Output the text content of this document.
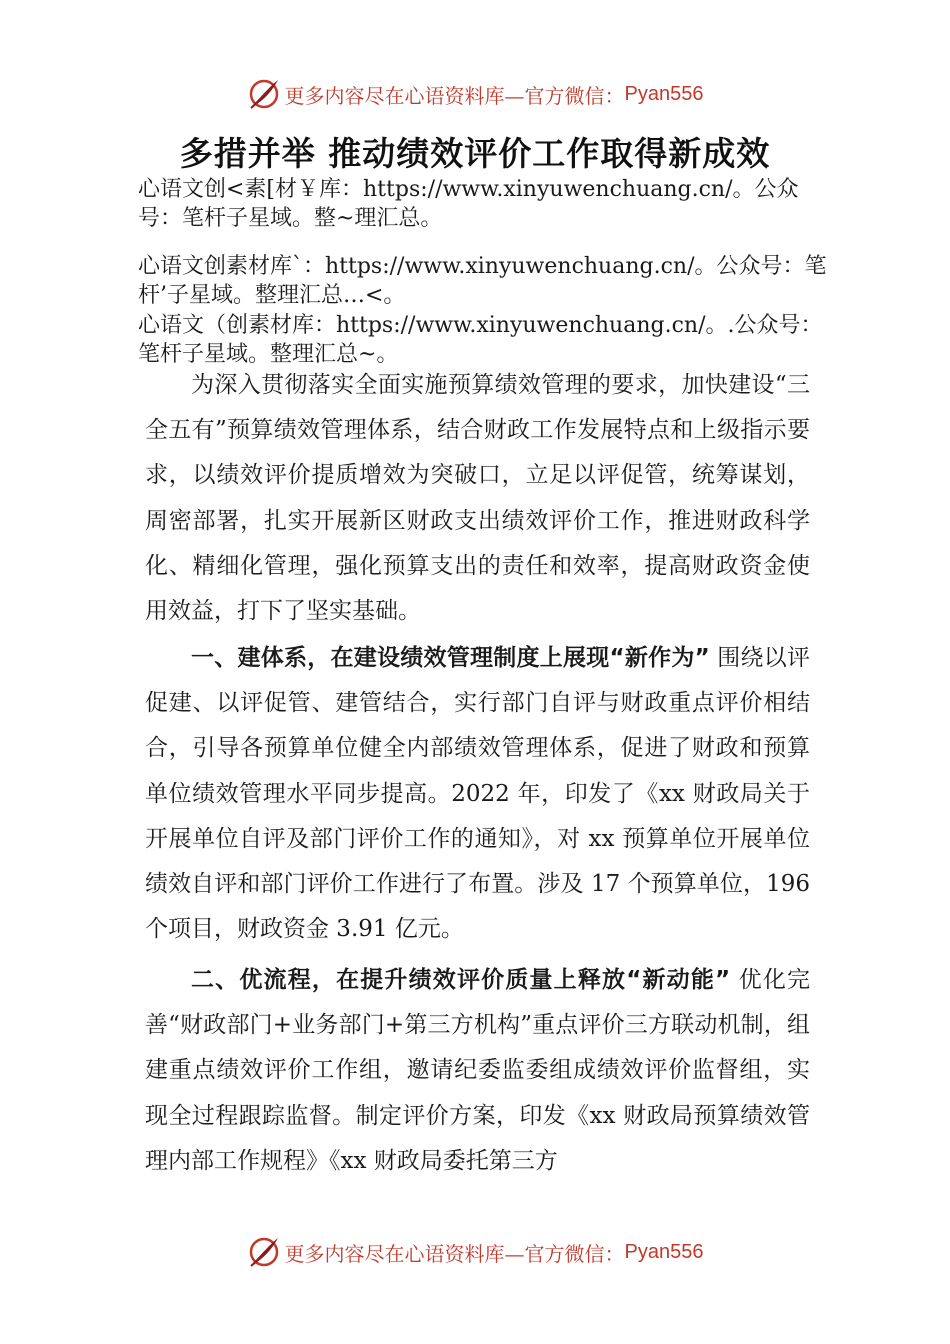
更多内容尽在心语资料库—官方微信： Pyan556
多措并举 推动绩效评价工作取得新成效

心语文创<素[材￥库：https://www.xinyuwenchuang.cn/。公众号：笔杆子星域。整~理汇总。

心语文创素材库`：https://www.xinyuwenchuang.cn/。公众号：笔杆’子星域。整理汇总…<。

心语文（创素材库：https://www.xinyuwenchuang.cn/。.公众号：笔杆子星域。整理汇总~。

为深入贯彻落实全面实施预算绩效管理的要求，加快建设“三全五有”预算绩效管理体系，结合财政工作发展特点和上级指示要求，以绩效评价提质增效为突破口，立足以评促管，统筹谋划，周密部署，扎实开展新区财政支出绩效评价工作，推进财政科学化、精细化管理，强化预算支出的责任和效率，提高财政资金使用效益，打下了坚实基础。

一、建体系，在建设绩效管理制度上展现“新作为” 围绕以评促建、以评促管、建管结合，实行部门自评与财政重点评价相结合，引导各预算单位健全内部绩效管理体系，促进了财政和预算单位绩效管理水平同步提高。2022 年，印发了《xx 财政局关于开展单位自评及部门评价工作的通知》，对 xx 预算单位开展单位绩效自评和部门评价工作进行了布置。涉及 17 个预算单位，196 个项目，财政资金 3.91 亿元。

二、优流程，在提升绩效评价质量上释放“新动能” 优化完善“财政部门+业务部门+第三方机构”重点评价三方联动机制，组建重点绩效评价工作组，邀请纪委监委组成绩效评价监督组，实现全过程跟踪监督。制定评价方案，印发《xx 财政局预算绩效管理内部工作规程》《xx 财政局委托第三方

更多内容尽在心语资料库—官方微信： Pyan556
